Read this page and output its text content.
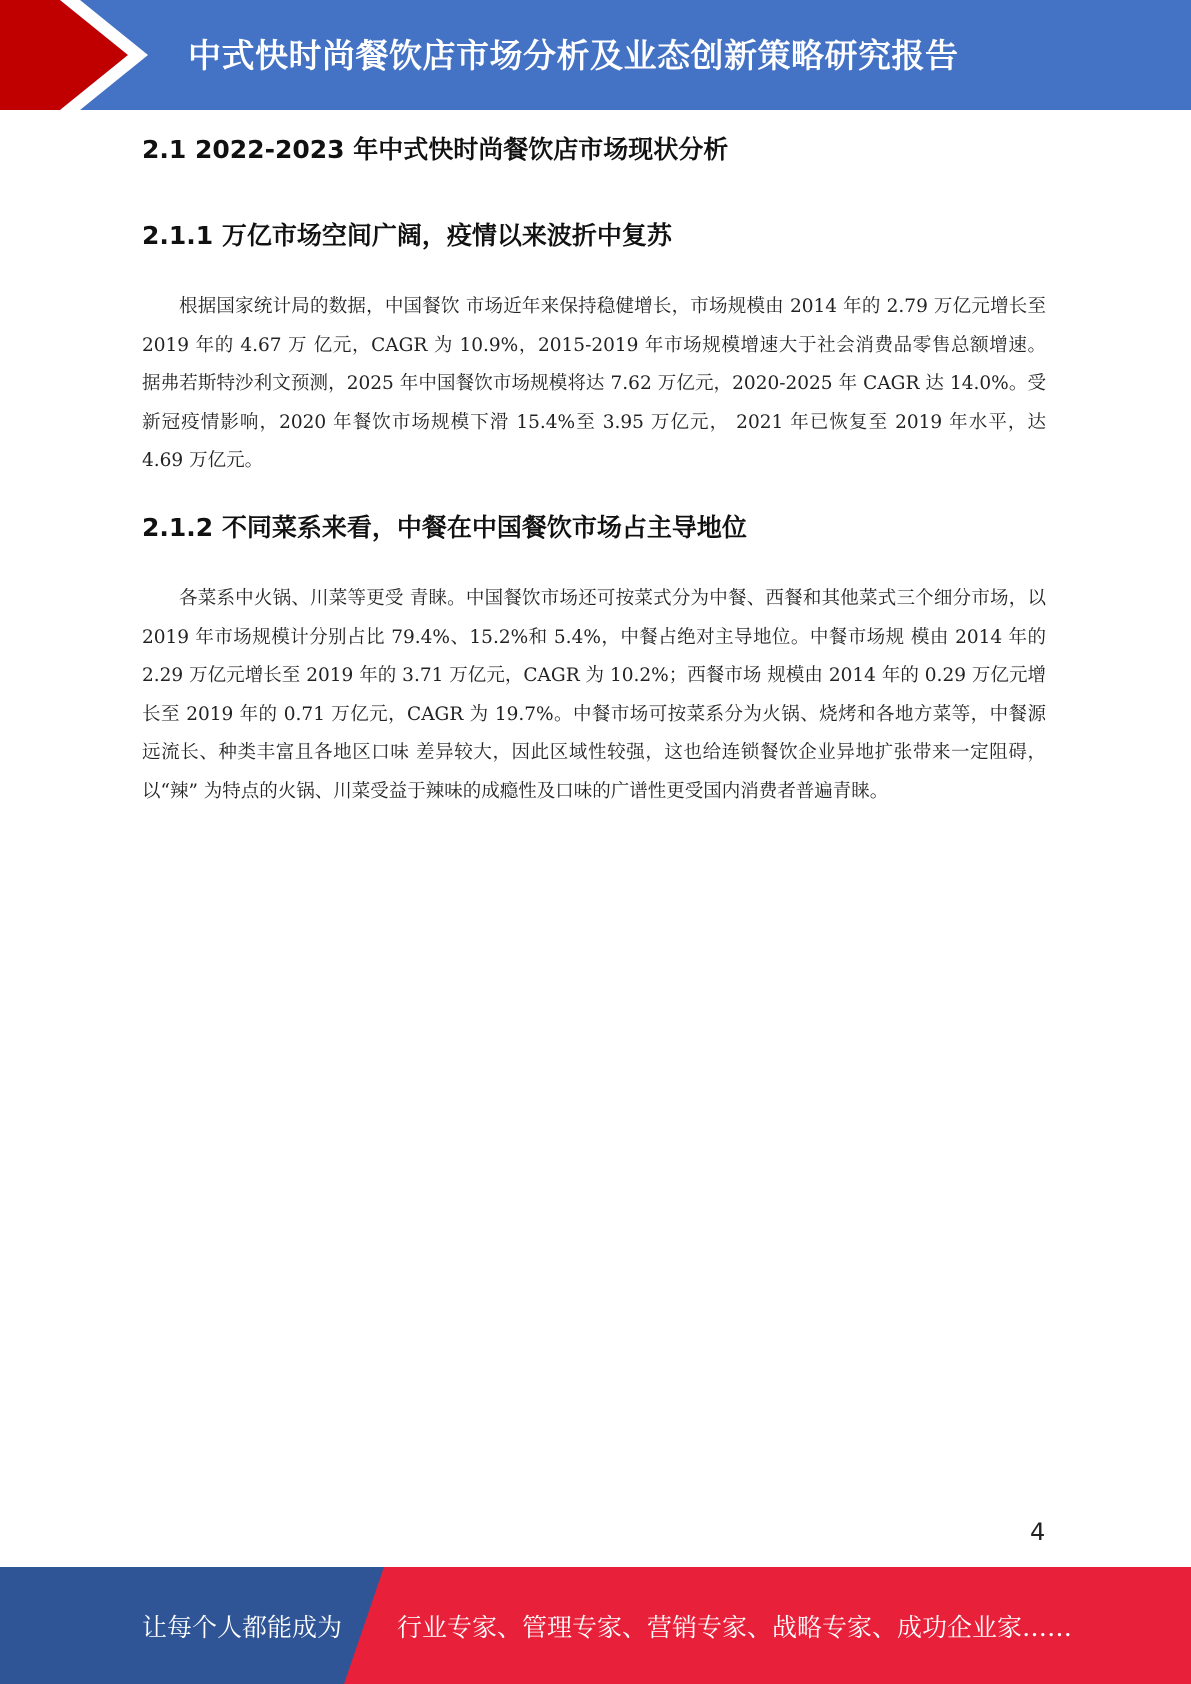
中式快时尚餐饮店市场分析及业态创新策略研究报告
2.1 2022-2023 年中式快时尚餐饮店市场现状分析
2.1.1 万亿市场空间广阔，疫情以来波折中复苏

根据国家统计局的数据，中国餐饮 市场近年来保持稳健增长，市场规模由 2014 年的 2.79 万亿元增长至 2019 年的 4.67 万 亿元，CAGR 为 10.9%，2015-2019 年市场规模增速大于社会消费品零售总额增速。 据弗若斯特沙利文预测，2025 年中国餐饮市场规模将达 7.62 万亿元，2020-2025 年 CAGR 达 14.0%。受新冠疫情影响，2020 年餐饮市场规模下滑 15.4%至 3.95 万亿元， 2021 年已恢复至 2019 年水平，达 4.69 万亿元。

2.1.2 不同菜系来看，中餐在中国餐饮市场占主导地位

各菜系中火锅、川菜等更受 青睐。中国餐饮市场还可按菜式分为中餐、西餐和其他菜式三个细分市场，以 2019 年市场规模计分别占比 79.4%、15.2%和 5.4%，中餐占绝对主导地位。中餐市场规 模由 2014 年的 2.29 万亿元增长至 2019 年的 3.71 万亿元，CAGR 为 10.2%；西餐市场 规模由 2014 年的 0.29 万亿元增长至 2019 年的 0.71 万亿元，CAGR 为 19.7%。中餐市场可按菜系分为火锅、烧烤和各地方菜等，中餐源远流长、种类丰富且各地区口味 差异较大，因此区域性较强，这也给连锁餐饮企业异地扩张带来一定阻碍，以“辣” 为特点的火锅、川菜受益于辣味的成瘾性及口味的广谱性更受国内消费者普遍青睐。

4
让每个人都能成为 行业专家、管理专家、营销专家、战略专家、成功企业家……
